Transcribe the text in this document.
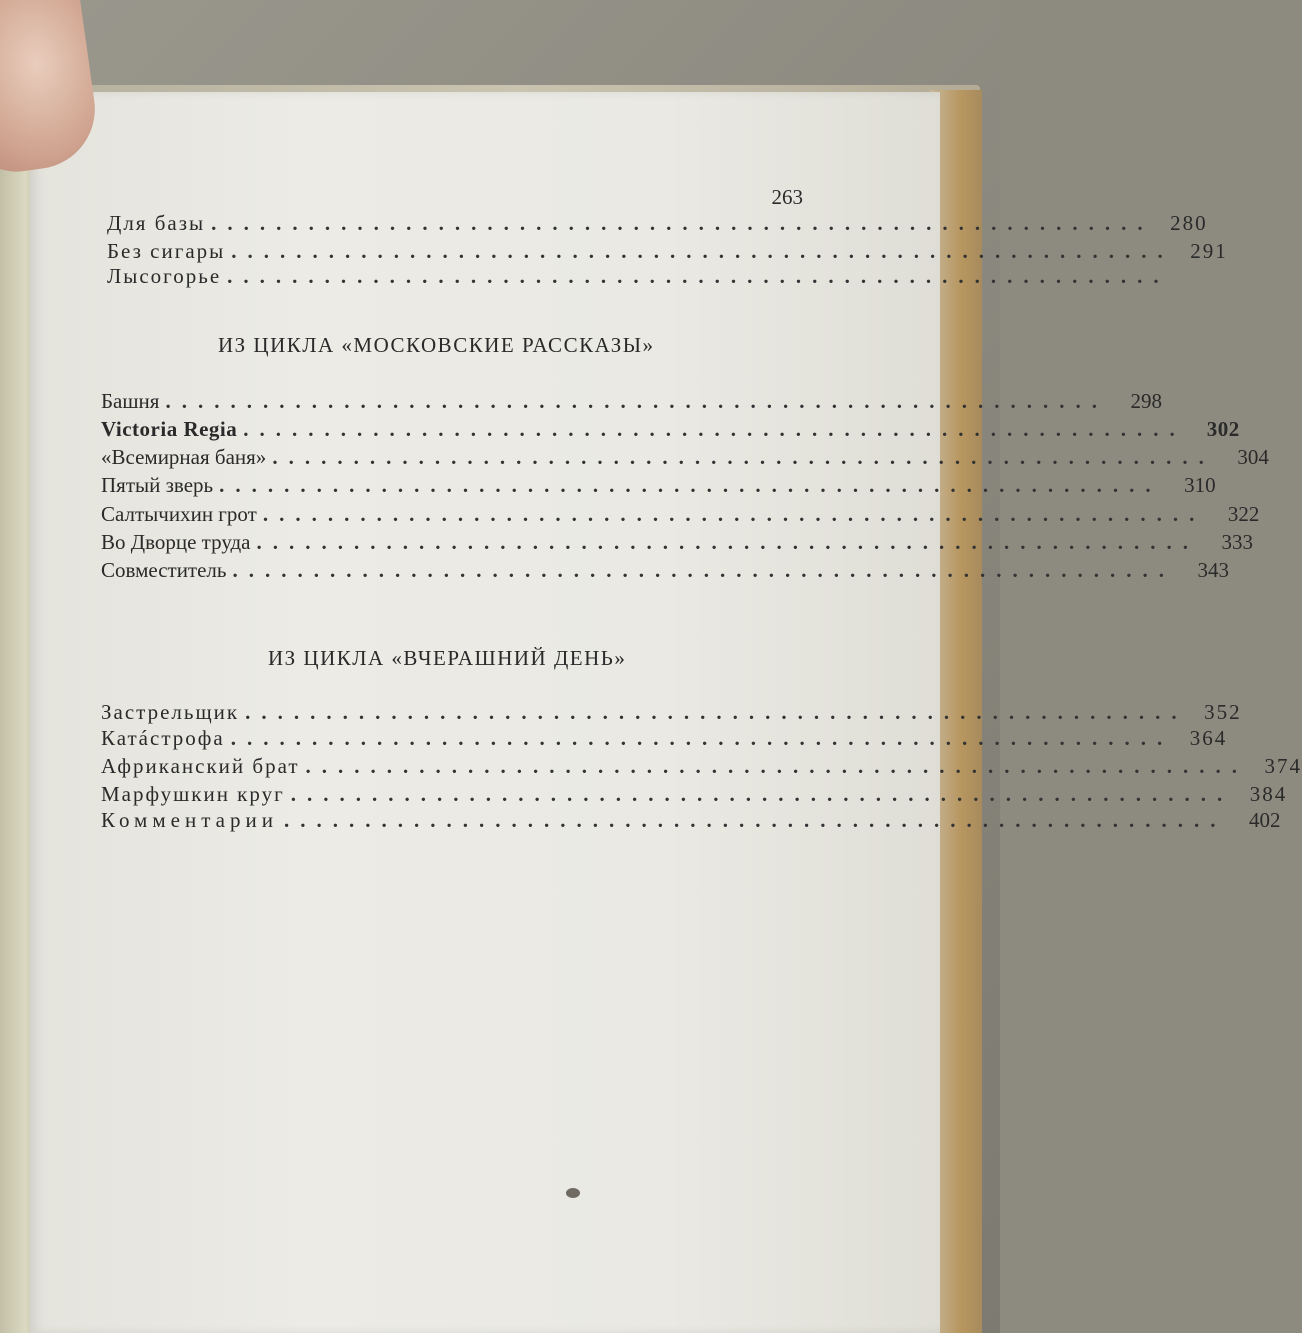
263
Для базы .......................................................... 280
Без сигары .......................................................... 291
Лысогорье ..........................................................
ИЗ ЦИКЛА «МОСКОВСКИЕ РАССКАЗЫ»
Башня ..........................................................	298
Victoria Regia ..........................................................	302
«Всемирная баня» ..........................................................	304
Пятый зверь ..........................................................	310
Салтычихин грот ..........................................................	322
Во Дворце труда ..........................................................	333
Совместитель ..........................................................	343
ИЗ ЦИКЛА «ВЧЕРАШНИЙ ДЕНЬ»
Застрельщик .......................................................... 352
Катáстрофа .......................................................... 364
Африканский брат .......................................................... 374
Марфушкин круг .......................................................... 384
Комментарии ..........................................................	402
